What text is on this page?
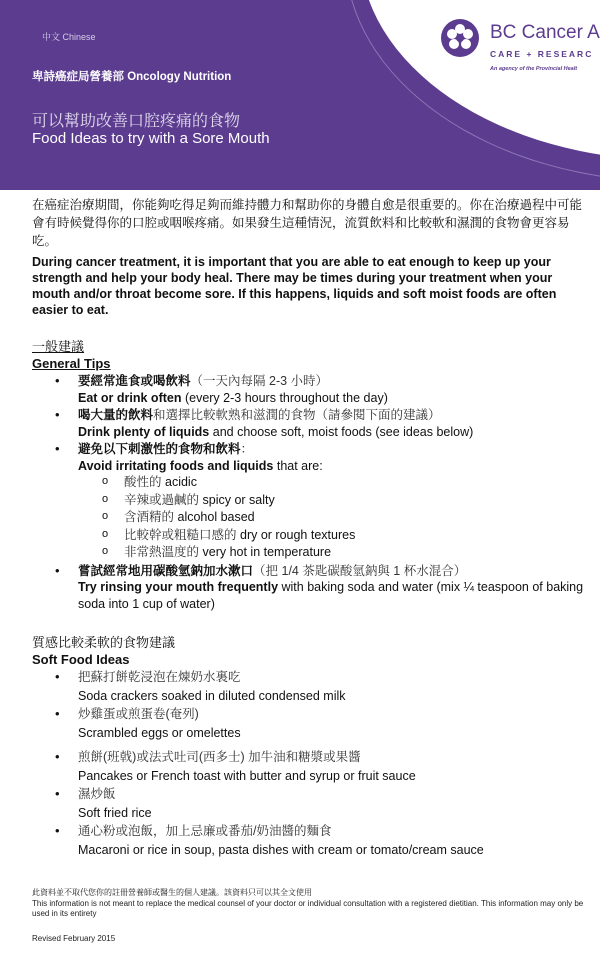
中文 Chinese
卑詩癌症局營養部 Oncology Nutrition
可以幫助改善口腔疼痛的食物
Food Ideas to try with a Sore Mouth
BC Cancer A
CARE + RESEARC
An agency of the Provincial Healt

在癌症治療期間，你能夠吃得足夠而維持體力和幫助你的身體自愈是很重要的。你在治療過程中可能會有時候覺得你的口腔或咽喉疼痛。如果發生這種情況，流質飲料和比較軟和濕潤的食物會更容易吃。

During cancer treatment, it is important that you are able to eat enough to keep up your strength and help your body heal. There may be times during your treatment when your mouth and/or throat become sore. If this happens, liquids and soft moist foods are often easier to eat.

一般建議
General Tips
• 要經常進食或喝飲料（一天內每隔 2-3 小時）
Eat or drink often (every 2-3 hours throughout the day)
• 喝大量的飲料和選擇比較軟熟和滋潤的食物（請參閱下面的建議）
Drink plenty of liquids and choose soft, moist foods (see ideas below)
• 避免以下刺激性的食物和飲料：
Avoid irritating foods and liquids that are:
o 酸性的 acidic
o 辛辣或過鹹的 spicy or salty
o 含酒精的 alcohol based
o 比較幹或粗糙口感的 dry or rough textures
o 非常熱溫度的 very hot in temperature
• 嘗試經常地用碳酸氫鈉加水漱口（把 1/4 茶匙碳酸氫鈉與 1 杯水混合）
Try rinsing your mouth frequently with baking soda and water (mix ¼ teaspoon of baking soda into 1 cup of water)
質感比較柔軟的食物建議
Soft Food Ideas
• 把蘇打餅乾浸泡在煉奶水裏吃
Soda crackers soaked in diluted condensed milk
• 炒雞蛋或煎蛋卷(奄列)
Scrambled eggs or omelettes
• 煎餅(班戟)或法式吐司(西多士) 加牛油和糖漿或果醬
Pancakes or French toast with butter and syrup or fruit sauce
• 濕炒飯
Soft fried rice
• 通心粉或泡飯，加上忌廉或番茄/奶油醬的麵食
Macaroni or rice in soup, pasta dishes with cream or tomato/cream sauce
此資料並不取代您你的註冊營養師或醫生的個人建議。該資料只可以其全文使用
This information is not meant to replace the medical counsel of your doctor or individual consultation with a registered dietitian. This information may only be used in its entirety
Revised February 2015
